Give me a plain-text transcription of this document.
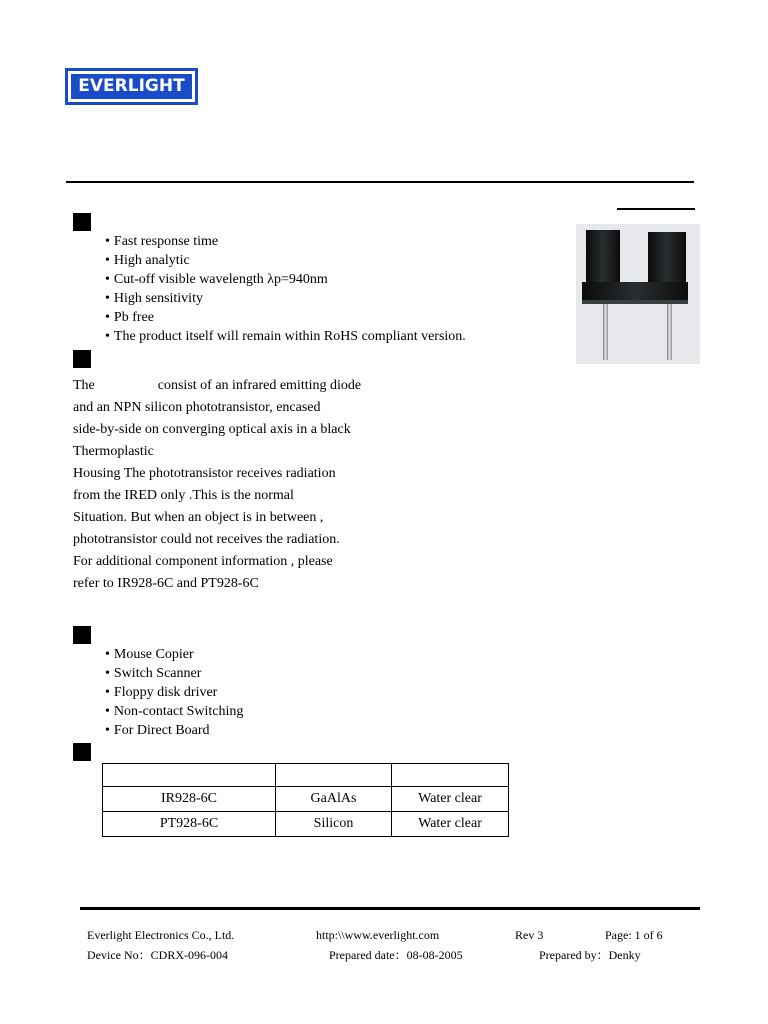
EVERLIGHT
• Fast response time
• High analytic
• Cut-off visible wavelength λp=940nm
• High sensitivity
• Pb free
• The product itself will remain within RoHS compliant version.

The                  consist of an infrared emitting diode

and an NPN silicon phototransistor, encased

side-by-side on converging optical axis in a black

Thermoplastic

Housing The phototransistor receives radiation

from the IRED only .This is the normal

Situation. But when an object is in between ,

phototransistor could not receives the radiation.

For additional component information , please

refer to IR928-6C and PT928-6C

• Mouse Copier
• Switch Scanner
• Floppy disk driver
• Non-contact Switching
• For Direct Board

IR928-6C	GaAlAs	Water clear
PT928-6C	Silicon	Water clear
Everlight Electronics Co., Ltd.	http:\\www.everlight.com	Rev 3	Page: 1 of 6
Device No：CDRX-096-004	Prepared date：08-08-2005	Prepared by：Denky
